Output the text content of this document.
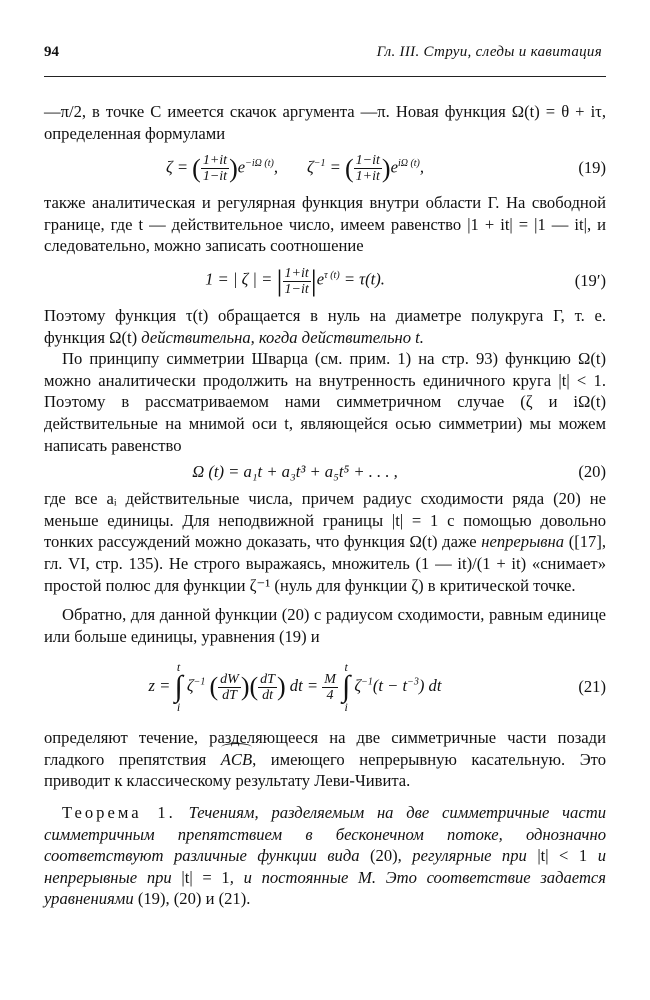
94	Гл. III. Струи, следы и кавитация

—π/2, в точке C имеется скачок аргумента —π. Новая функция Ω(t) = θ + iτ, определенная формулами

ζ = ( $\frac{1+it}{1-it} )e^{-i\Omega (t)}$,       $\zeta^{-1}$ = ( $\frac{1-it}{1+it} )e^{i\Omega (t)}$,	(19)

также аналитическая и регулярная функция внутри области Γ. На свободной границе, где t — действительное число, имеем равенство |1 + it| = |1 — it|, и следовательно, можно записать соотношение

1 = | ζ | = | $\frac{1+it}{1-it} |e^{\tau (t)} = \tau(t)$.	(19′)

Поэтому функция τ(t) обращается в нуль на диаметре полукруга Γ, т. е. функция Ω(t) действительна, когда действительно t.

По принципу симметрии Шварца (см. прим. 1) на стр. 93) функцию Ω(t) можно аналитически продолжить на внутренность единичного круга |t| < 1. Поэтому в рассматриваемом нами симметричном случае (ζ и iΩ(t) действительные на мнимой оси t, являющейся осью симметрии) мы можем написать равенство

Ω (t) = a₁t + a₃t³ + a₅t⁵ + . . . ,	(20)

где все aᵢ действительные числа, причем радиус сходимости ряда (20) не меньше единицы. Для неподвижной границы |t| = 1 с помощью довольно тонких рассуждений можно доказать, что функция Ω(t) даже непрерывна ([17], гл. VI, стр. 135). Не строго выражаясь, множитель (1 — it)/(1 + it) «снимает» простой полюс для функции ζ⁻¹ (нуль для функции ζ) в критической точке.

Обратно, для данной функции (20) с радиусом сходимости, равным единице или больше единицы, уравнения (19) и

z = t
∫
i $\zeta^{-1}$ ( $\frac{dW}{dT}$ )( $\frac{dT}{dt}$ ) dt = $\frac{M}{4}$
t
∫
i $\zeta^{-1}(t - t^{-3})$ dt	(21)

определяют течение, разделяющееся на две симметричные части позади гладкого препятствия ACB, имеющего непрерывную касательную. Это приводит к классическому результату Леви-Чивита.

Теорема 1. Течениям, разделяемым на две симметричные части симметричным препятствием в бесконечном потоке, однозначно соответствуют различные функции вида (20), регулярные при |t| < 1 и непрерывные при |t| = 1, и постоянные M. Это соответствие задается уравнениями (19), (20) и (21).
